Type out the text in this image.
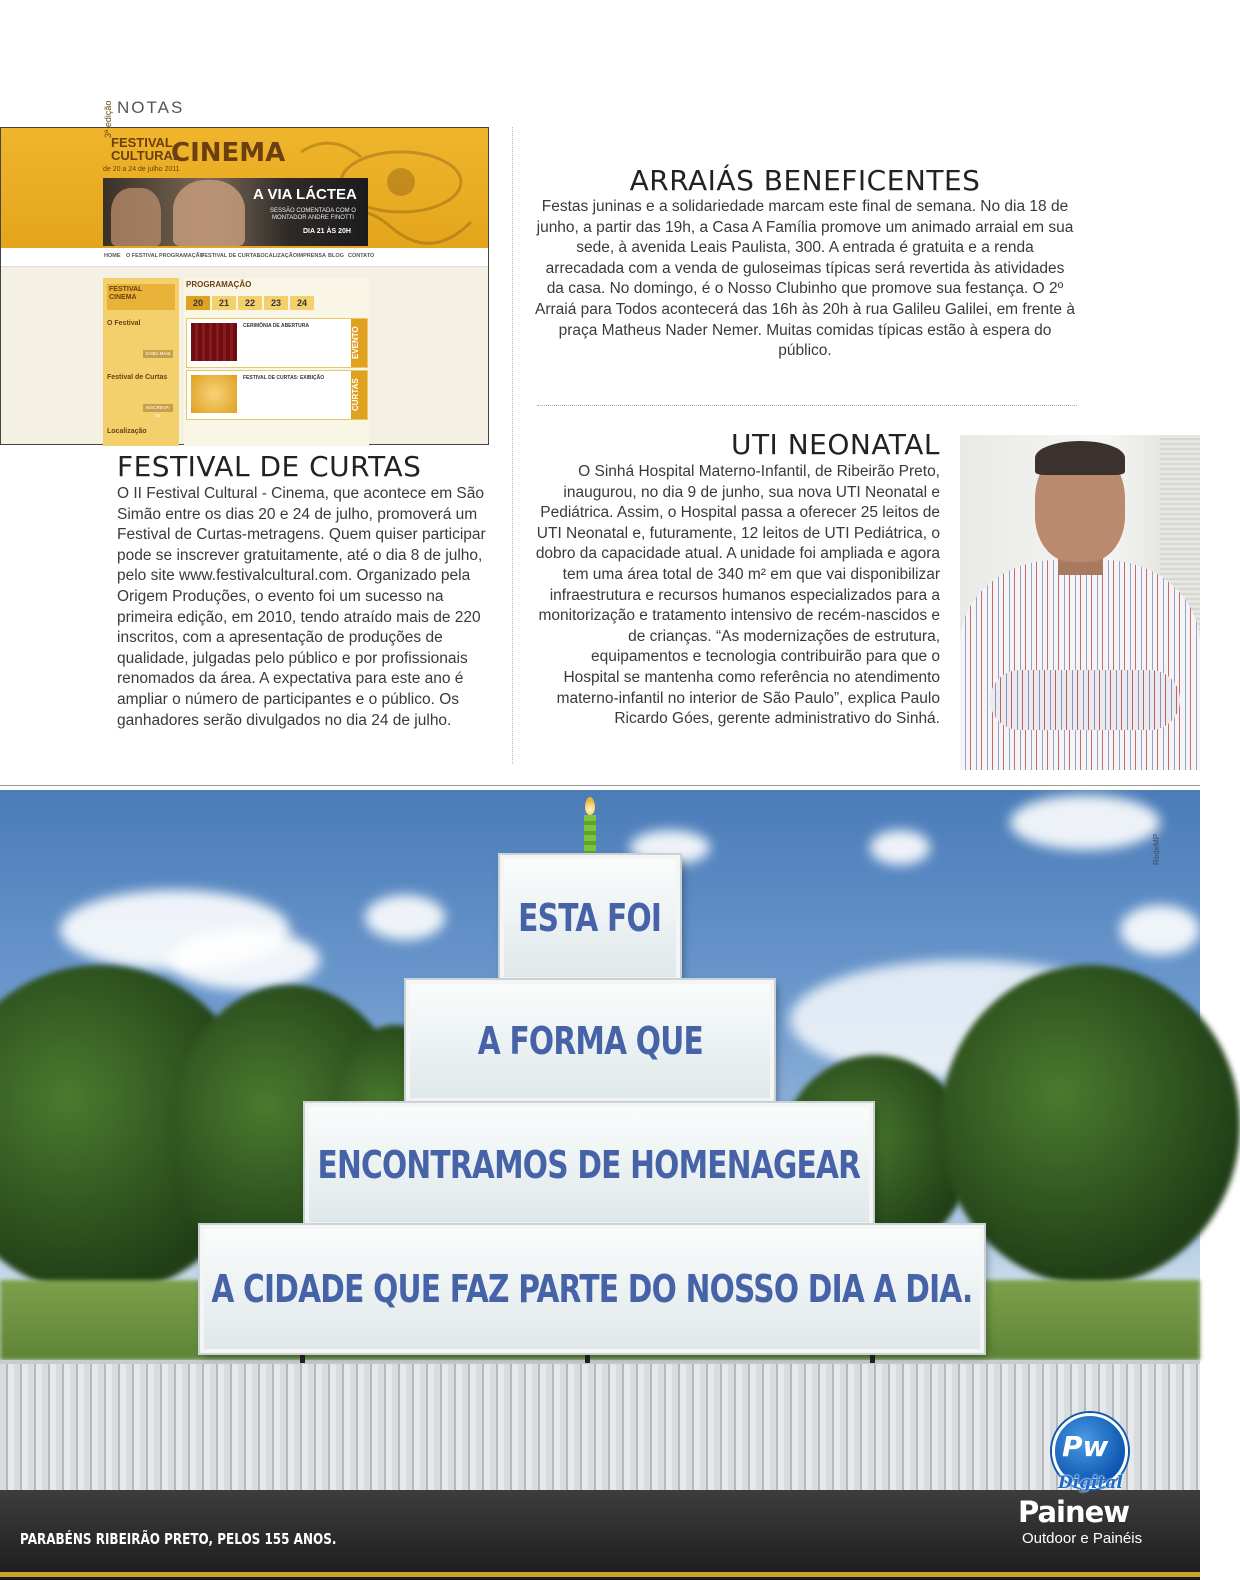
NOTAS
3ª edição
FESTIVAL
CULTURAL
CINEMA
de 20 a 24 de julho 2011
A VIA LÁCTEA
SESSÃO COMENTADA COM O MONTADOR ANDRE FINOTTI
DIA 21 ÀS 20H
HOME O FESTIVAL PROGRAMAÇÃO
FESTIVAL DE CURTAS
LOCALIZAÇÃO IMPRENSA BLOG CONTATO
FESTIVAL
CINEMA

O Festival

SAIBA MAIS

Festival de Curtas

INSCREVA-SE

Localização

PROGRAMAÇÃO
20	21	22	23	24
CERIMÔNIA DE ABERTURA
EVENTO
FESTIVAL DE CURTAS: EXIBIÇÃO
CURTAS
ARRAIÁS BENEFICENTES
Festas juninas e a solidariedade marcam este final de semana. No dia 18 de junho, a partir das 19h, a Casa A Família promove um animado arraial em sua sede, à avenida Leais Paulista, 300. A entrada é gratuita e a renda arrecadada com a venda de guloseimas típicas será revertida às atividades da casa. No domingo, é o Nosso Clubinho que promove sua festança. O 2º Arraiá para Todos acontecerá das 16h às 20h à rua Galileu Galilei, em frente à praça Matheus Nader Nemer. Muitas comidas típicas estão à espera do público.
FESTIVAL DE CURTAS
O II Festival Cultural - Cinema, que acontece em São Simão entre os dias 20 e 24 de julho, promoverá um Festival de Curtas-metragens. Quem quiser participar pode se inscrever gratuitamente, até o dia 8 de julho, pelo site www.festivalcultural.com. Organizado pela Origem Produções, o evento foi um sucesso na primeira edição, em 2010, tendo atraído mais de 220 inscritos, com a apresentação de produções de qualidade, julgadas pelo público e por profissionais renomados da área. A expectativa para este ano é ampliar o número de participantes e o público. Os ganhadores serão divulgados no dia 24 de julho.
UTI NEONATAL
O Sinhá Hospital Materno-Infantil, de Ribeirão Preto, inaugurou, no dia 9 de junho, sua nova UTI Neonatal e Pediátrica. Assim, o Hospital passa a oferecer 25 leitos de UTI Neonatal e, futuramente, 12 leitos de UTI Pediátrica, o dobro da capacidade atual. A unidade foi ampliada e agora tem uma área total de 340 m² em que vai disponibilizar infraestrutura e recursos humanos especializados para a monitorização e tratamento intensivo de recém-nascidos e de crianças. “As modernizações de estrutura, equipamentos e tecnologia contribuirão para que o Hospital se mantenha como referência no atendimento materno-infantil no interior de São Paulo”, explica Paulo Ricardo Góes, gerente administrativo do Sinhá.
ESTA FOI
A FORMA QUE
ENCONTRAMOS DE HOMENAGEAR
A CIDADE QUE FAZ PARTE DO NOSSO DIA A DIA.
RedeMP
PARABÉNS RIBEIRÃO PRETO, PELOS 155 ANOS.
Pw
Digital
Painew
Outdoor e Painéis
